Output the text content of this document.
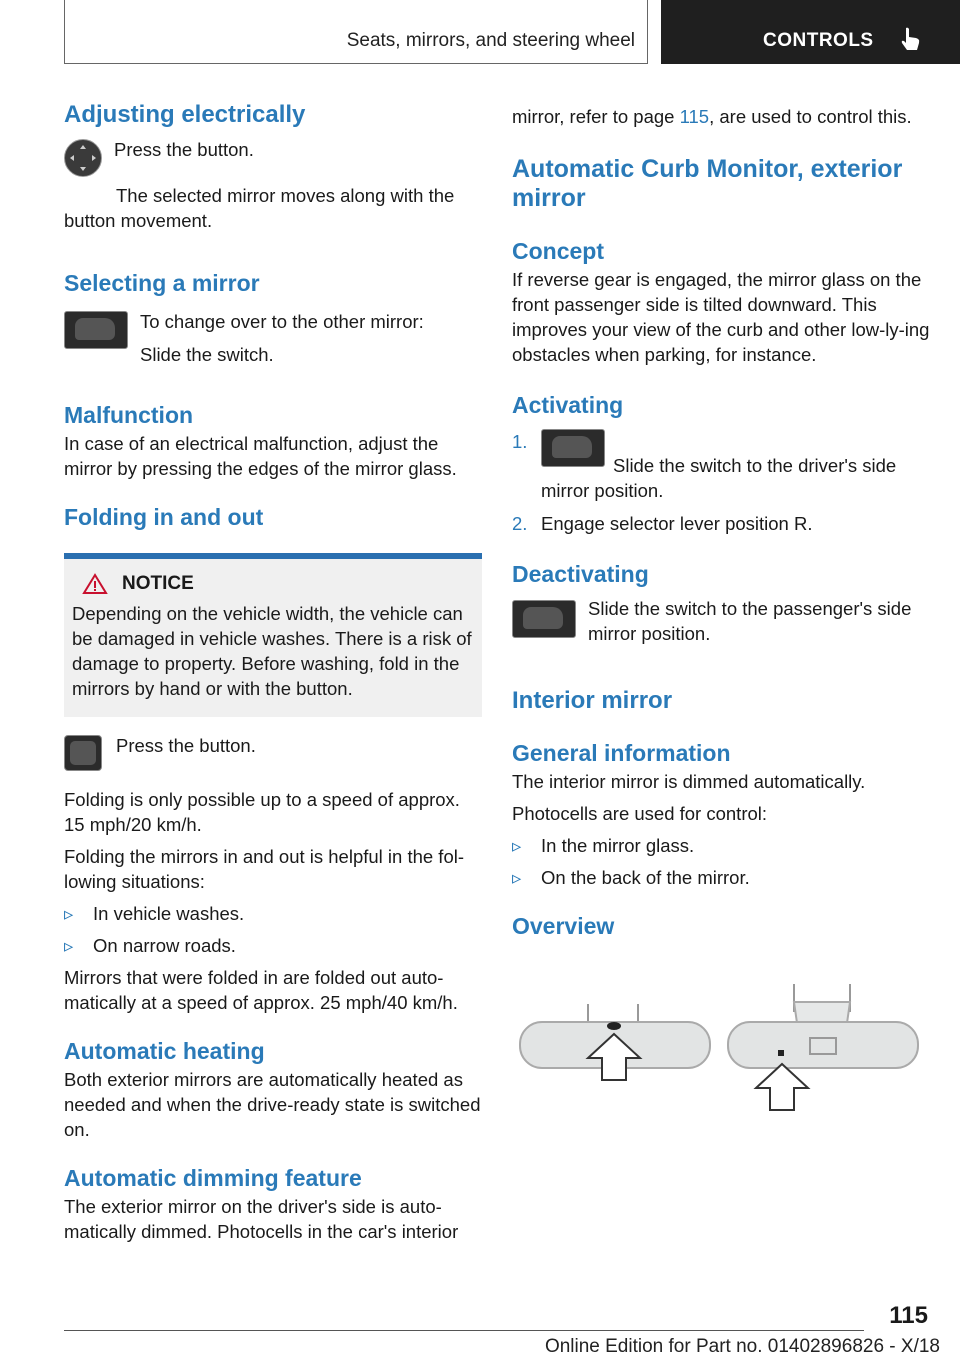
Seats, mirrors, and steering wheel	CONTROLS
Adjusting electrically

Press the button.

The selected mirror moves along with the button movement.

Selecting a mirror

To change over to the other mirror:

Slide the switch.

Malfunction

In case of an electrical malfunction, adjust the mirror by pressing the edges of the mirror glass.

Folding in and out
NOTICE

Depending on the vehicle width, the vehicle can be damaged in vehicle washes. There is a risk of damage to property. Before washing, fold in the mirrors by hand or with the button.

Press the button.

Folding is only possible up to a speed of approx. 15 mph/20 km/h.

Folding the mirrors in and out is helpful in the fol‐lowing situations:

▹	In vehicle washes.
▹	On narrow roads.

Mirrors that were folded in are folded out auto‐matically at a speed of approx. 25 mph/40 km/h.

Automatic heating

Both exterior mirrors are automatically heated as needed and when the drive-ready state is switched on.

Automatic dimming feature

The exterior mirror on the driver's side is auto‐matically dimmed. Photocells in the car's interior

mirror, refer to page 115, are used to control this.

Automatic Curb Monitor, exterior mirror
Concept

If reverse gear is engaged, the mirror glass on the front passenger side is tilted downward. This improves your view of the curb and other low-ly‐ing obstacles when parking, for instance.

Activating
1.

Slide the switch to the driver's side mirror position.

2. Engage selector lever position R.
Deactivating

Slide the switch to the passenger's side mirror position.

Interior mirror
General information

The interior mirror is dimmed automatically.

Photocells are used for control:

▹	In the mirror glass.
▹	On the back of the mirror.
Overview
115
Online Edition for Part no. 01402896826 - X/18
